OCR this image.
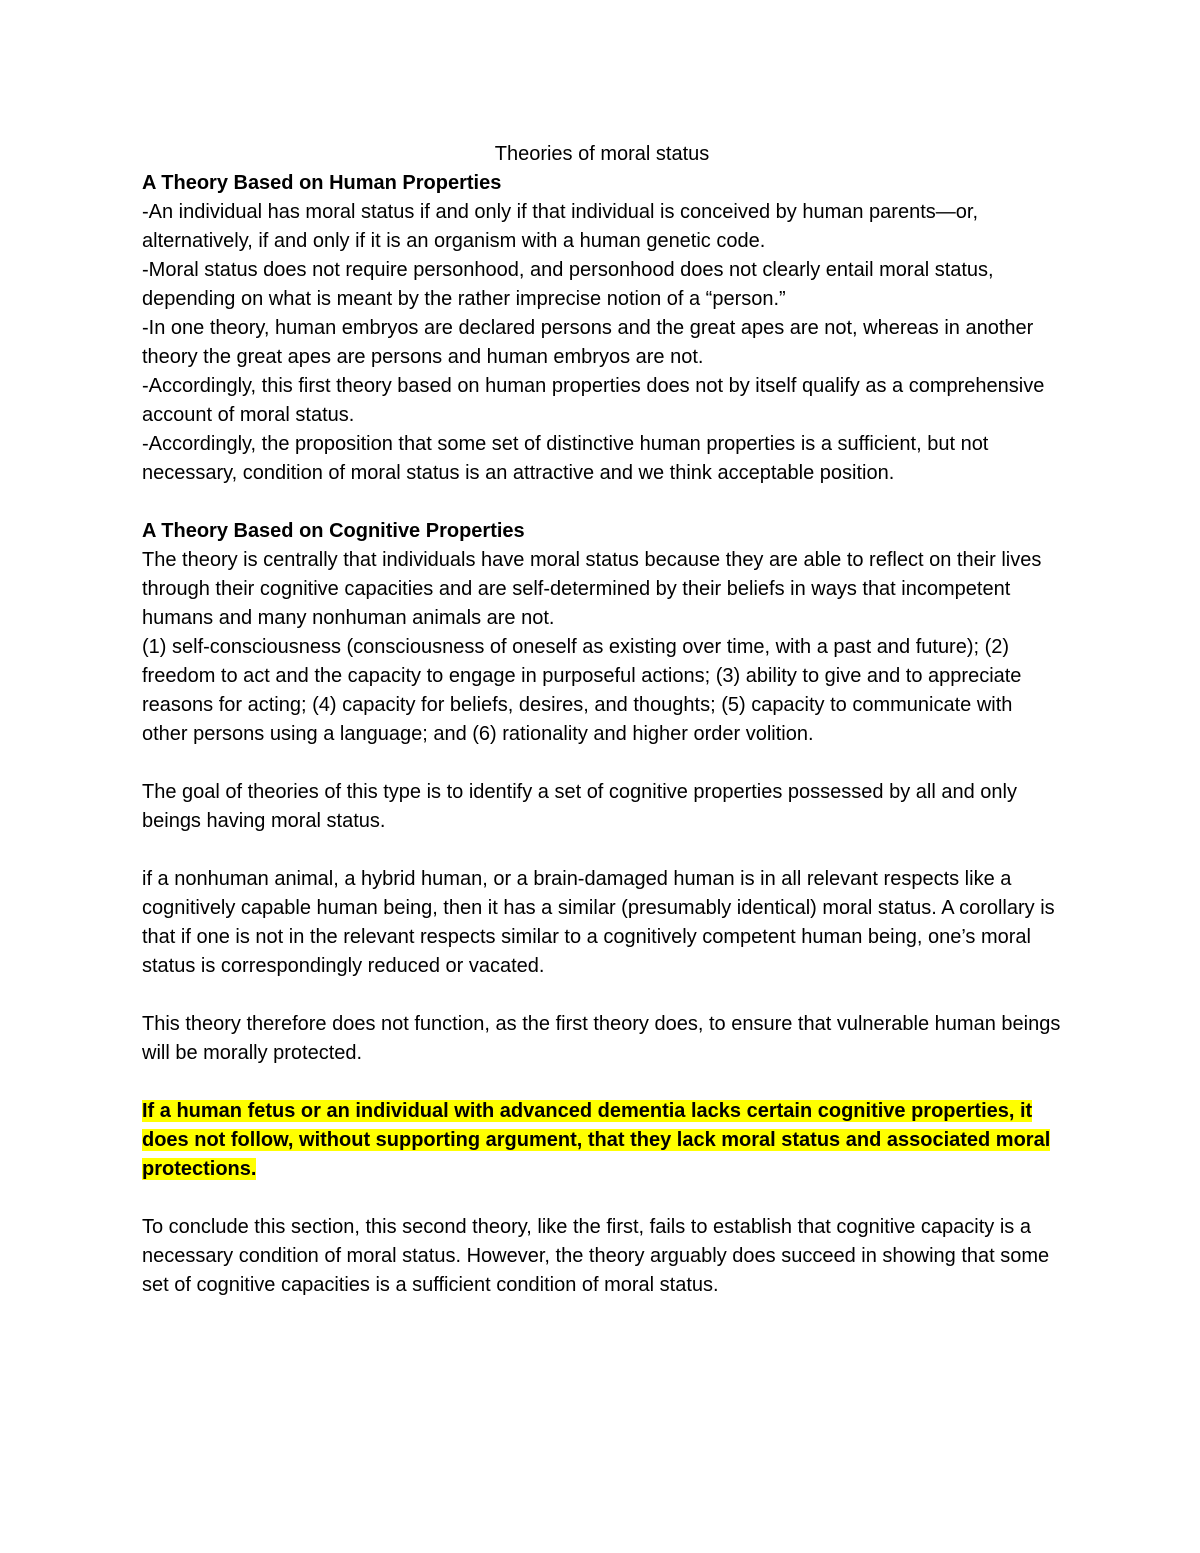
Theories of moral status

A Theory Based on Human Properties

-An individual has moral status if and only if that individual is conceived by human parents—or, alternatively, if and only if it is an organism with a human genetic code.

-Moral status does not require personhood, and personhood does not clearly entail moral status, depending on what is meant by the rather imprecise notion of a “person.”

-In one theory, human embryos are declared persons and the great apes are not, whereas in another theory the great apes are persons and human embryos are not.

-Accordingly, this first theory based on human properties does not by itself qualify as a comprehensive account of moral status.

-Accordingly, the proposition that some set of distinctive human properties is a sufficient, but not necessary, condition of moral status is an attractive and we think acceptable position.

A Theory Based on Cognitive Properties

The theory is centrally that individuals have moral status because they are able to reflect on their lives through their cognitive capacities and are self-determined by their beliefs in ways that incompetent humans and many nonhuman animals are not.

(1) self-consciousness (consciousness of oneself as existing over time, with a past and future); (2) freedom to act and the capacity to engage in purposeful actions; (3) ability to give and to appreciate reasons for acting; (4) capacity for beliefs, desires, and thoughts; (5) capacity to communicate with other persons using a language; and (6) rationality and higher order volition.

The goal of theories of this type is to identify a set of cognitive properties possessed by all and only beings having moral status.

if a nonhuman animal, a hybrid human, or a brain-damaged human is in all relevant respects like a cognitively capable human being, then it has a similar (presumably identical) moral status. A corollary is that if one is not in the relevant respects similar to a cognitively competent human being, one’s moral status is correspondingly reduced or vacated.

This theory therefore does not function, as the first theory does, to ensure that vulnerable human beings will be morally protected.

If a human fetus or an individual with advanced dementia lacks certain cognitive properties, it does not follow, without supporting argument, that they lack moral status and associated moral protections.

To conclude this section, this second theory, like the first, fails to establish that cognitive capacity is a necessary condition of moral status. However, the theory arguably does succeed in showing that some set of cognitive capacities is a sufficient condition of moral status.
